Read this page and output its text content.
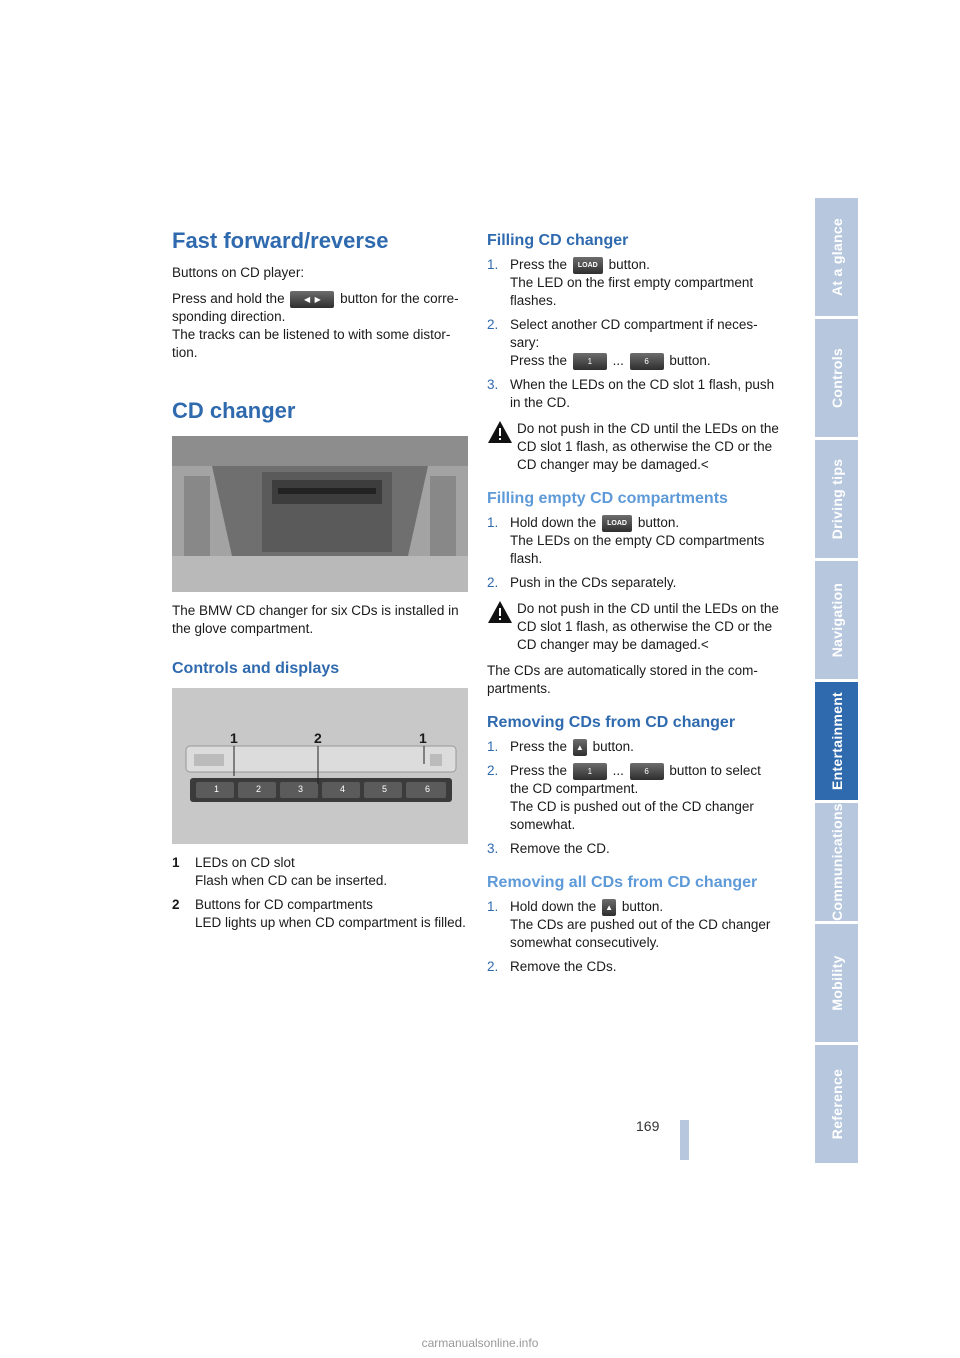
At a glance
Controls
Driving tips
Navigation
Entertainment
Communications
Mobility
Reference
169
Fast forward/reverse

Buttons on CD player:

Press and hold the ◀  ▶ button for the corre-sponding direction.
The tracks can be listened to with some distor-tion.

CD changer

The BMW CD changer for six CDs is installed in the glove compartment.

Controls and displays
1	2	1
1	2	3	4	5	6
1	LEDs on CD slot
Flash when CD can be inserted.
2	Buttons for CD compartments
LED lights up when CD compartment is filled.
Filling CD changer
1. Press the LOAD button.
The LED on the first empty compartment flashes.
2. Select another CD compartment if neces-sary:
Press the	1 ...	6 button.
3. When the LEDs on the CD slot 1 flash, push in the CD.
Do not push in the CD until the LEDs on the CD slot 1 flash, as otherwise the CD or the CD changer may be damaged.<
Filling empty CD compartments
1. Hold down the LOAD button.
The LEDs on the empty CD compartments flash.
2. Push in the CDs separately.
Do not push in the CD until the LEDs on the CD slot 1 flash, as otherwise the CD or the CD changer may be damaged.<

The CDs are automatically stored in the com-partments.

Removing CDs from CD changer
1. Press the ▲ button.
2. Press the	1 ...	6 button to select the CD compartment.
The CD is pushed out of the CD changer somewhat.
3. Remove the CD.
Removing all CDs from CD changer
1. Hold down the ▲ button.
The CDs are pushed out of the CD changer somewhat consecutively.
2. Remove the CDs.
carmanualsonline.info
